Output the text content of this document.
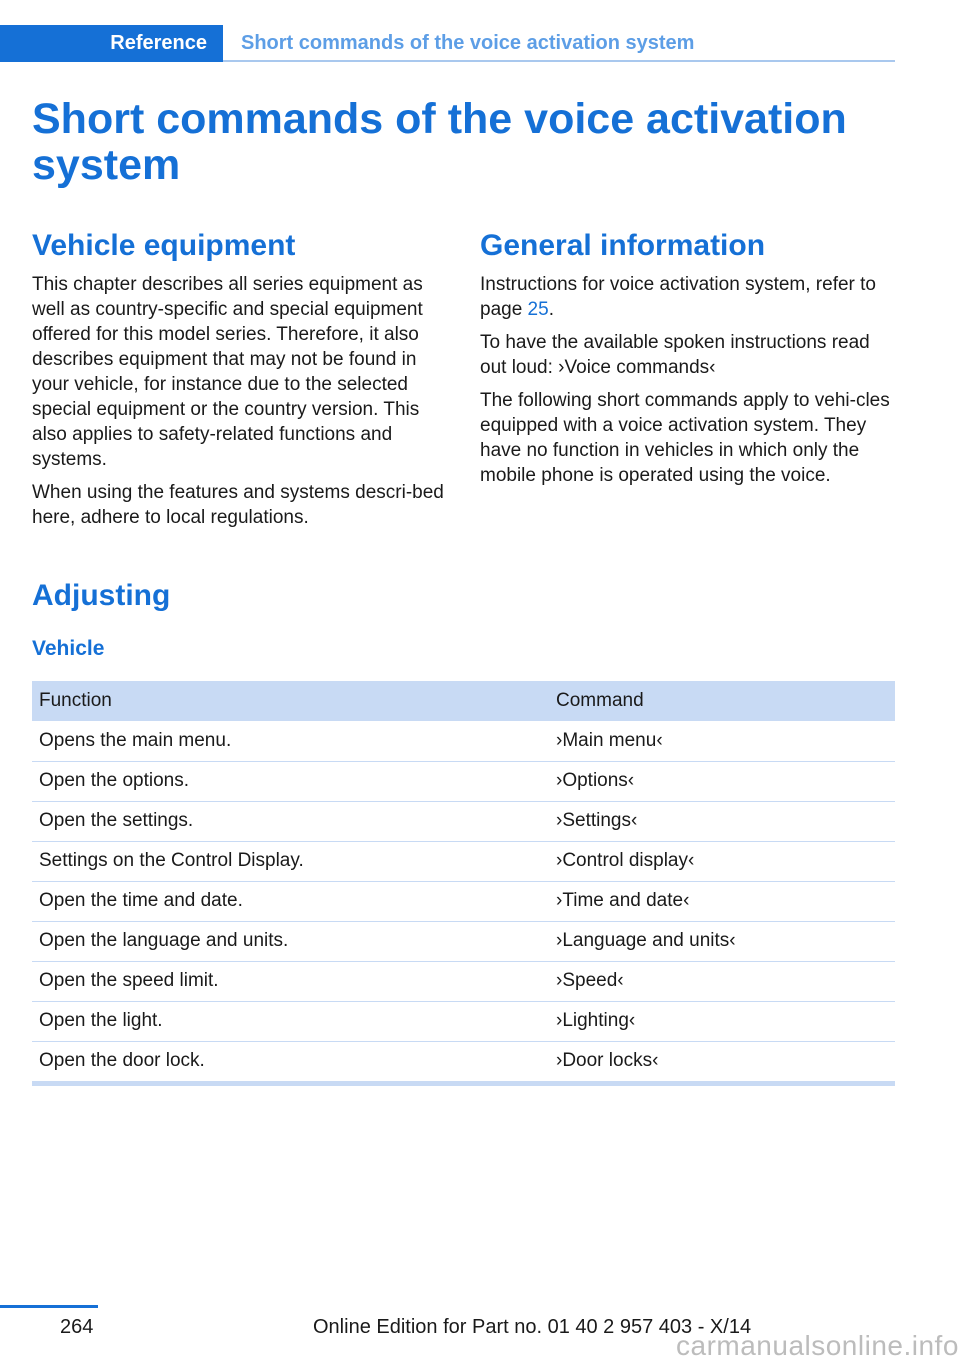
Reference	Short commands of the voice activation system
Short commands of the voice activation system
Vehicle equipment

This chapter describes all series equipment as well as country-specific and special equipment offered for this model series. Therefore, it also describes equipment that may not be found in your vehicle, for instance due to the selected special equipment or the country version. This also applies to safety-related functions and systems.

When using the features and systems descri‐bed here, adhere to local regulations.

General information

Instructions for voice activation system, refer to page 25.

To have the available spoken instructions read out loud: ›Voice commands‹

The following short commands apply to vehi‐cles equipped with a voice activation system. They have no function in vehicles in which only the mobile phone is operated using the voice.

Adjusting
Vehicle
Function	Command
Opens the main menu.	›Main menu‹
Open the options.	›Options‹
Open the settings.	›Settings‹
Settings on the Control Display.	›Control display‹
Open the time and date.	›Time and date‹
Open the language and units.	›Language and units‹
Open the speed limit.	›Speed‹
Open the light.	›Lighting‹
Open the door lock.	›Door locks‹
264	Online Edition for Part no. 01 40 2 957 403 - X/14
carmanualsonline.info
